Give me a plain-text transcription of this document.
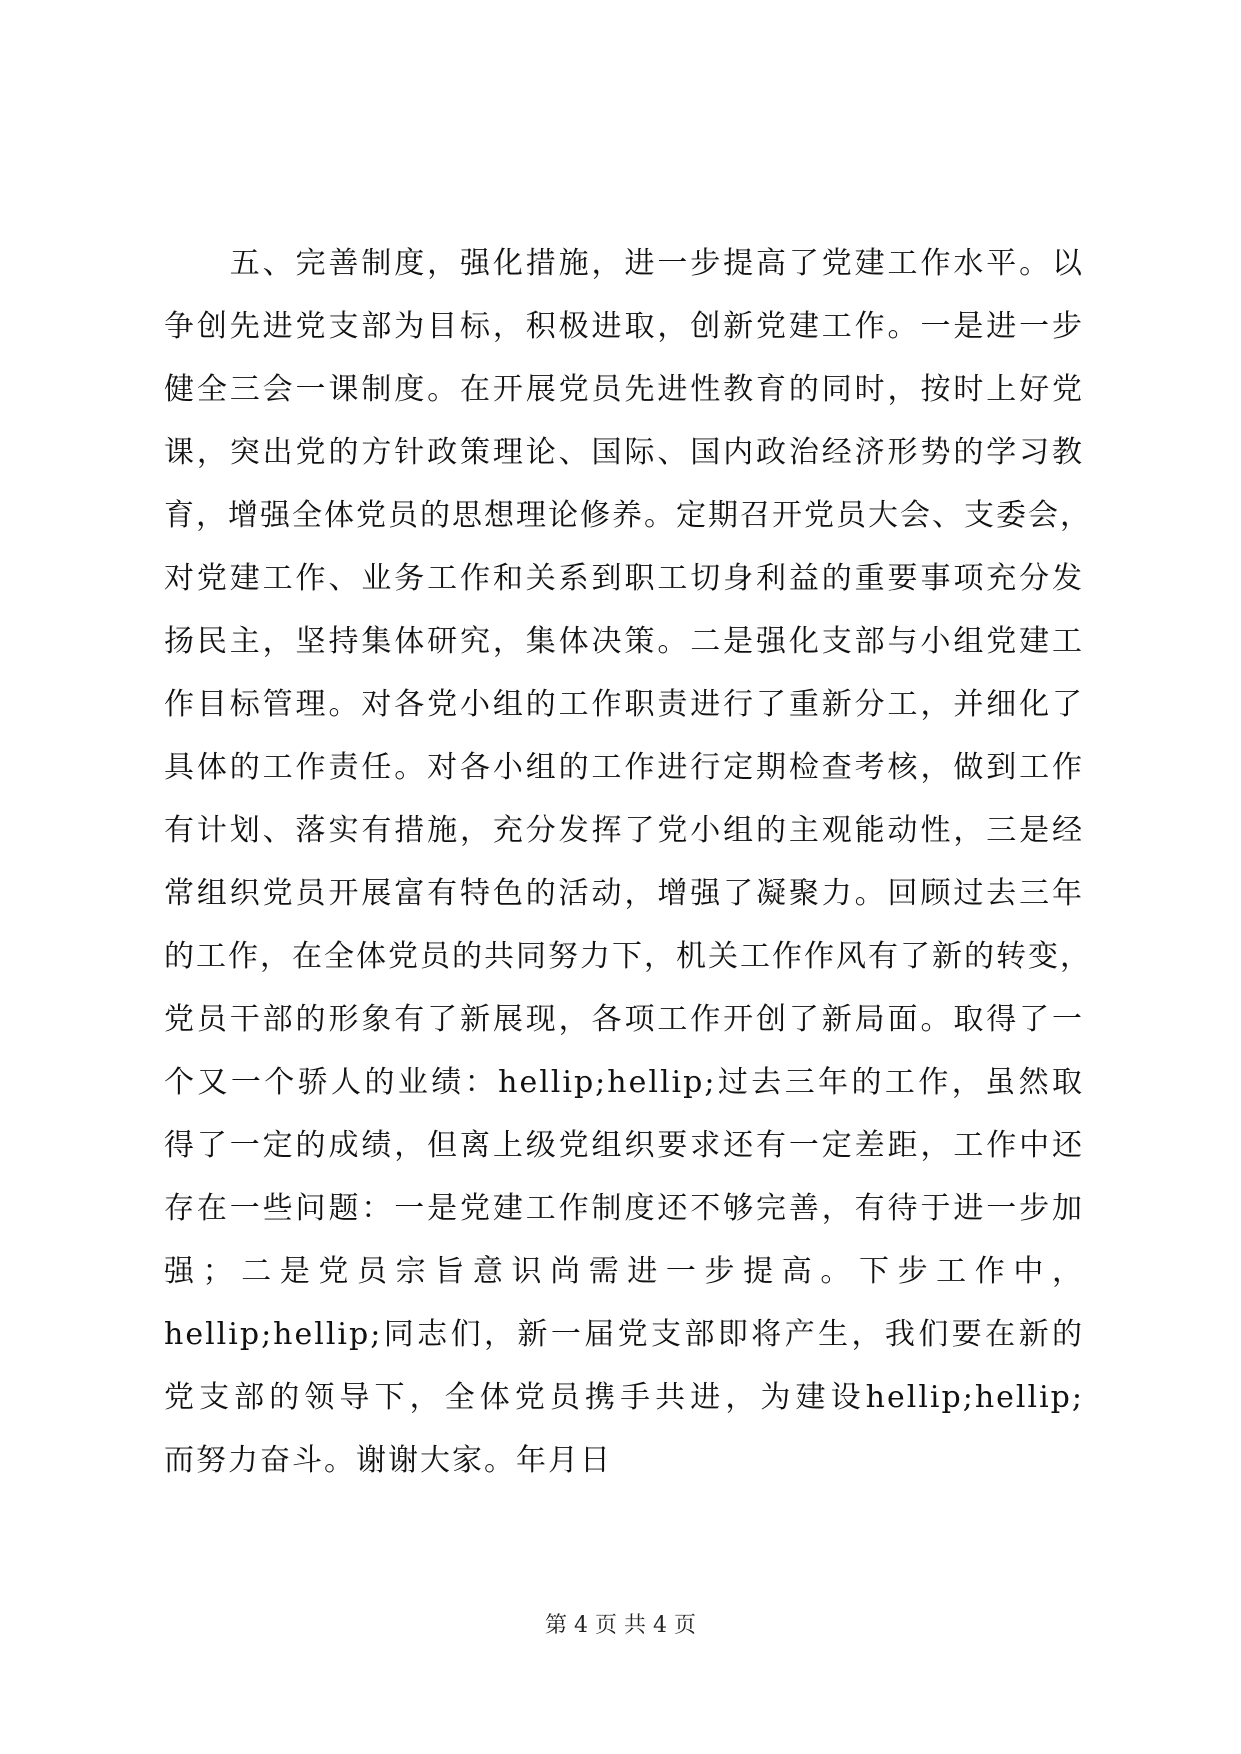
　　五、完善制度，强化措施，进一步提高了党建工作水平。以
争创先进党支部为目标，积极进取，创新党建工作。一是进一步
健全三会一课制度。在开展党员先进性教育的同时，按时上好党
课，突出党的方针政策理论、国际、国内政治经济形势的学习教
育，增强全体党员的思想理论修养。定期召开党员大会、支委会，
对党建工作、业务工作和关系到职工切身利益的重要事项充分发
扬民主，坚持集体研究，集体决策。二是强化支部与小组党建工
作目标管理。对各党小组的工作职责进行了重新分工，并细化了
具体的工作责任。对各小组的工作进行定期检查考核，做到工作
有计划、落实有措施，充分发挥了党小组的主观能动性，三是经
常组织党员开展富有特色的活动，增强了凝聚力。回顾过去三年
的工作，在全体党员的共同努力下，机关工作作风有了新的转变，
党员干部的形象有了新展现，各项工作开创了新局面。取得了一
个又一个骄人的业绩：hellip;hellip;过去三年的工作，虽然取
得了一定的成绩，但离上级党组织要求还有一定差距，工作中还
存在一些问题：一是党建工作制度还不够完善，有待于进一步加
强；二是党员宗旨意识尚需进一步提高。下步工作中，
hellip;hellip;同志们，新一届党支部即将产生，我们要在新的
党支部的领导下，全体党员携手共进，为建设hellip;hellip;
而努力奋斗。谢谢大家。年月日
第 4 页 共 4 页
